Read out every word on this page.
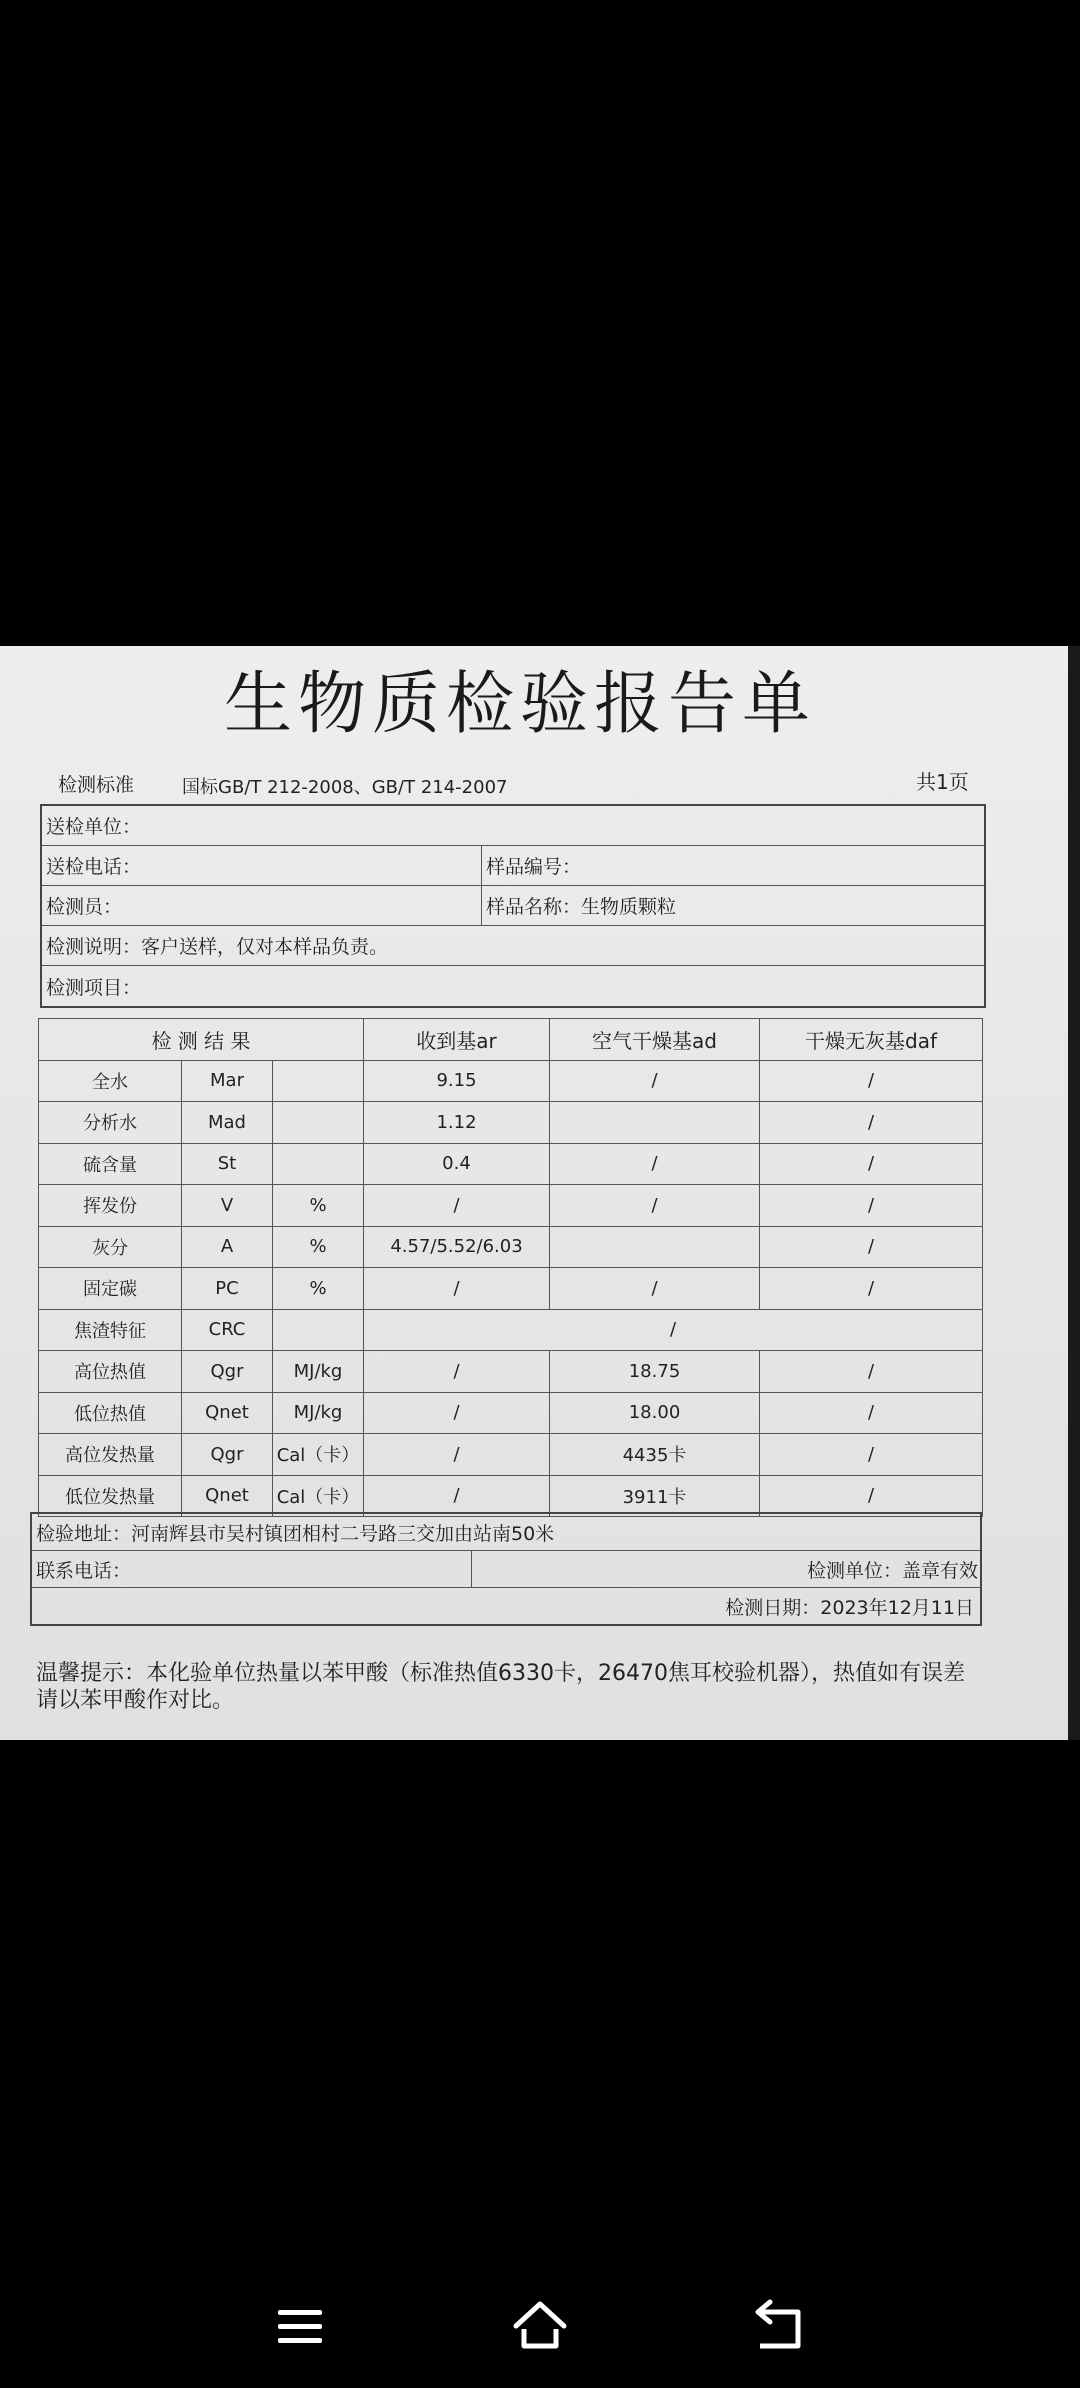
生物质检验报告单
检测标准	国标GB/T 212-2008、GB/T 214-2007	共1页
送检单位：
送检电话：	样品编号：
检测员：	样品名称：生物质颗粒
检测说明：客户送样，仅对本样品负责。
检测项目：
检 测 结 果			收到基ar	空气干燥基ad	干燥无灰基daf
全水	Mar		9.15	/	/
分析水	Mad		1.12		/
硫含量	St		0.4	/	/
挥发份	V	%	/	/	/
灰分	A	%	4.57/5.52/6.03		/
固定碳	PC	%	/	/	/
焦渣特征	CRC		/		
高位热值	Qgr	MJ/kg	/	18.75	/
低位热值	Qnet	MJ/kg	/	18.00	/
高位发热量	Qgr	Cal（卡）	/	4435卡	/
低位发热量	Qnet	Cal（卡）	/	3911卡	/
检验地址：河南辉县市吴村镇团相村二号路三交加由站南50米
联系电话：	检测单位：盖章有效
检测日期：2023年12月11日
温馨提示：本化验单位热量以苯甲酸（标准热值6330卡，26470焦耳校验机器），热值如有误差请以苯甲酸作对比。
